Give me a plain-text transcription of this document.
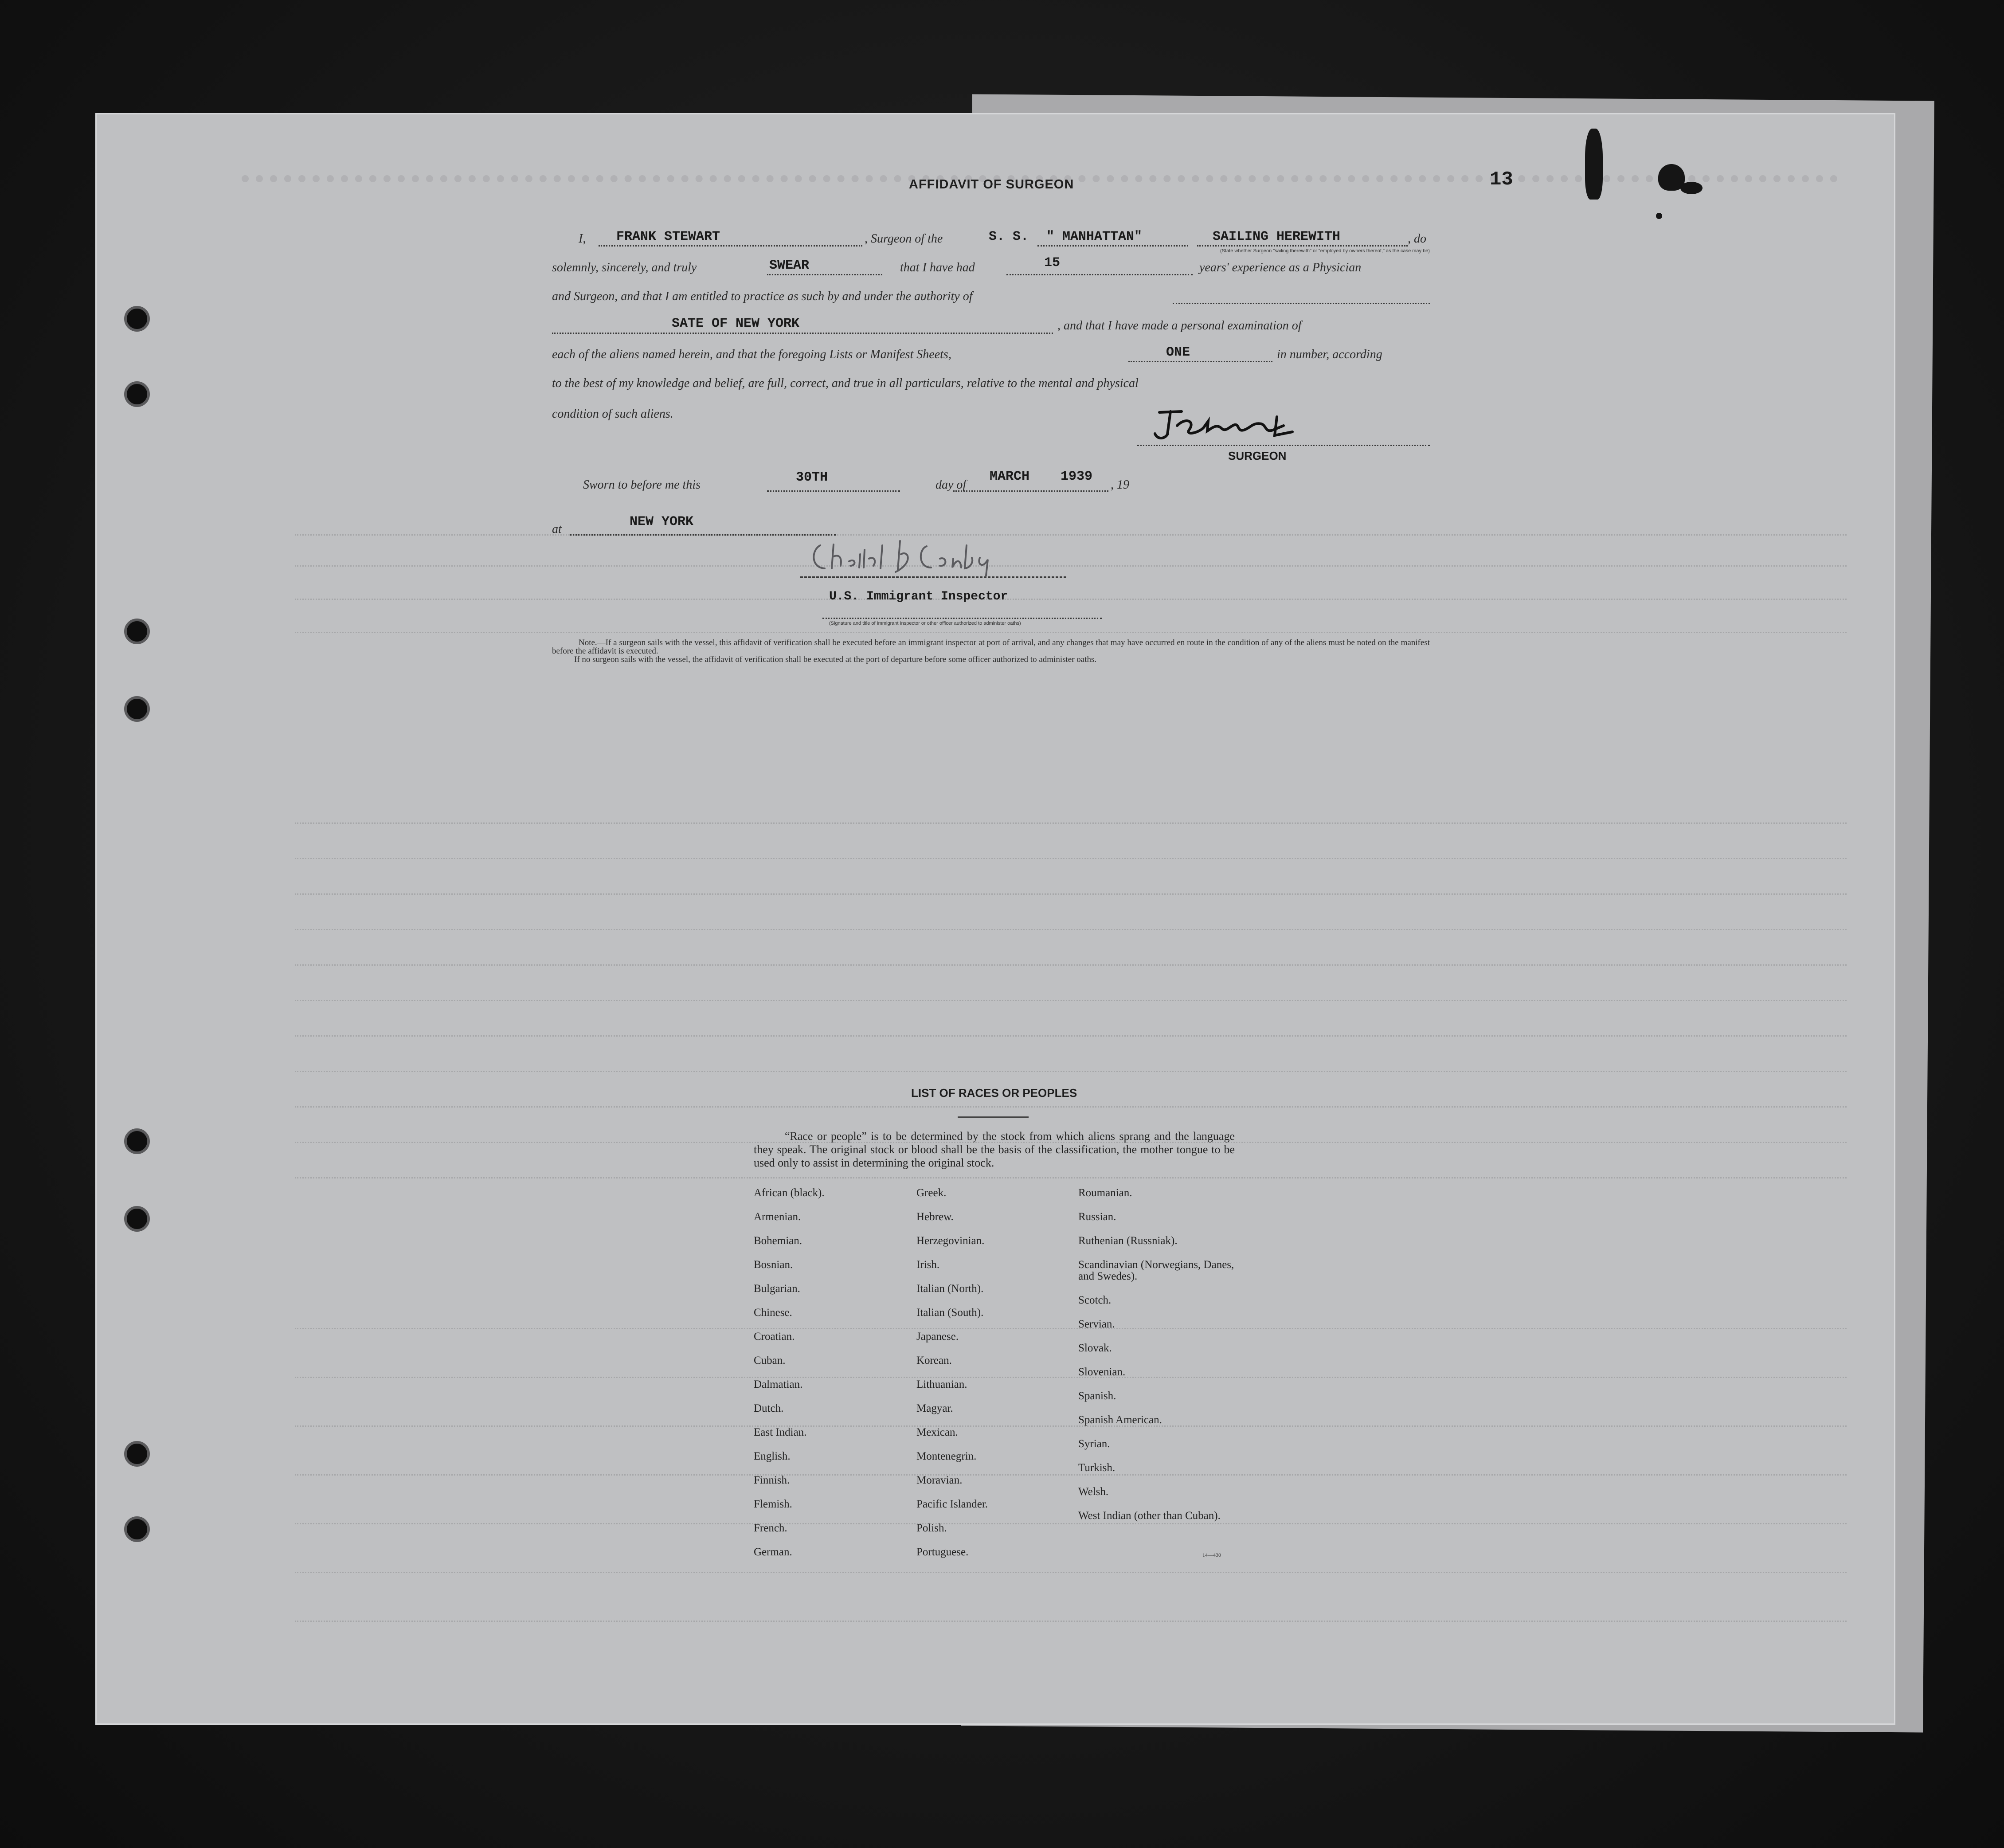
13
AFFIDAVIT OF SURGEON
I, FRANK STEWART	, Surgeon of the	S. S. " MANHATTAN"	SAILING HEREWITH
(State whether Surgeon "sailing therewith" or "employed by owners thereof," as the case may be)
, do
solemnly, sincerely, and truly	SWEAR	that I have had	15	years' experience as a Physician
and Surgeon, and that I am entitled to practice as such by and under the authority of
SATE OF NEW YORK	, and that I have made a personal examination of
each of the aliens named herein, and that the foregoing Lists or Manifest Sheets,	ONE	in number, according
to the best of my knowledge and belief, are full, correct, and true in all particulars, relative to the mental and physical
condition of such aliens.
SURGEON
Sworn to before me this	30TH	day of
MARCH 1939
, 19
at	NEW YORK
U.S. Immigrant Inspector
(Signature and title of Immigrant Inspector or other officer authorized to administer oaths)
Note.—If a surgeon sails with the vessel, this affidavit of verification shall be executed before an immigrant inspector at port of arrival, and any changes that may have occurred en route in the condition of any of the aliens must be noted on the manifest before the affidavit is executed.
If no surgeon sails with the vessel, the affidavit of verification shall be executed at the port of departure before some officer authorized to administer oaths.
LIST OF RACES OR PEOPLES
“Race or people” is to be determined by the stock from which aliens sprang and the language they speak. The original stock or blood shall be the basis of the classification, the mother tongue to be used only to assist in determining the original stock.
African (black).
Armenian.
Bohemian.
Bosnian.
Bulgarian.
Chinese.
Croatian.
Cuban.
Dalmatian.
Dutch.
East Indian.
English.
Finnish.
Flemish.
French.
German.
Greek.
Hebrew.
Herzegovinian.
Irish.
Italian (North).
Italian (South).
Japanese.
Korean.
Lithuanian.
Magyar.
Mexican.
Montenegrin.
Moravian.
Pacific Islander.
Polish.
Portuguese.
Roumanian.
Russian.
Ruthenian (Russniak).
Scandinavian (Norwegians, Danes, and Swedes).
Scotch.
Servian.
Slovak.
Slovenian.
Spanish.
Spanish American.
Syrian.
Turkish.
Welsh.
West Indian (other than Cuban).
14—430
